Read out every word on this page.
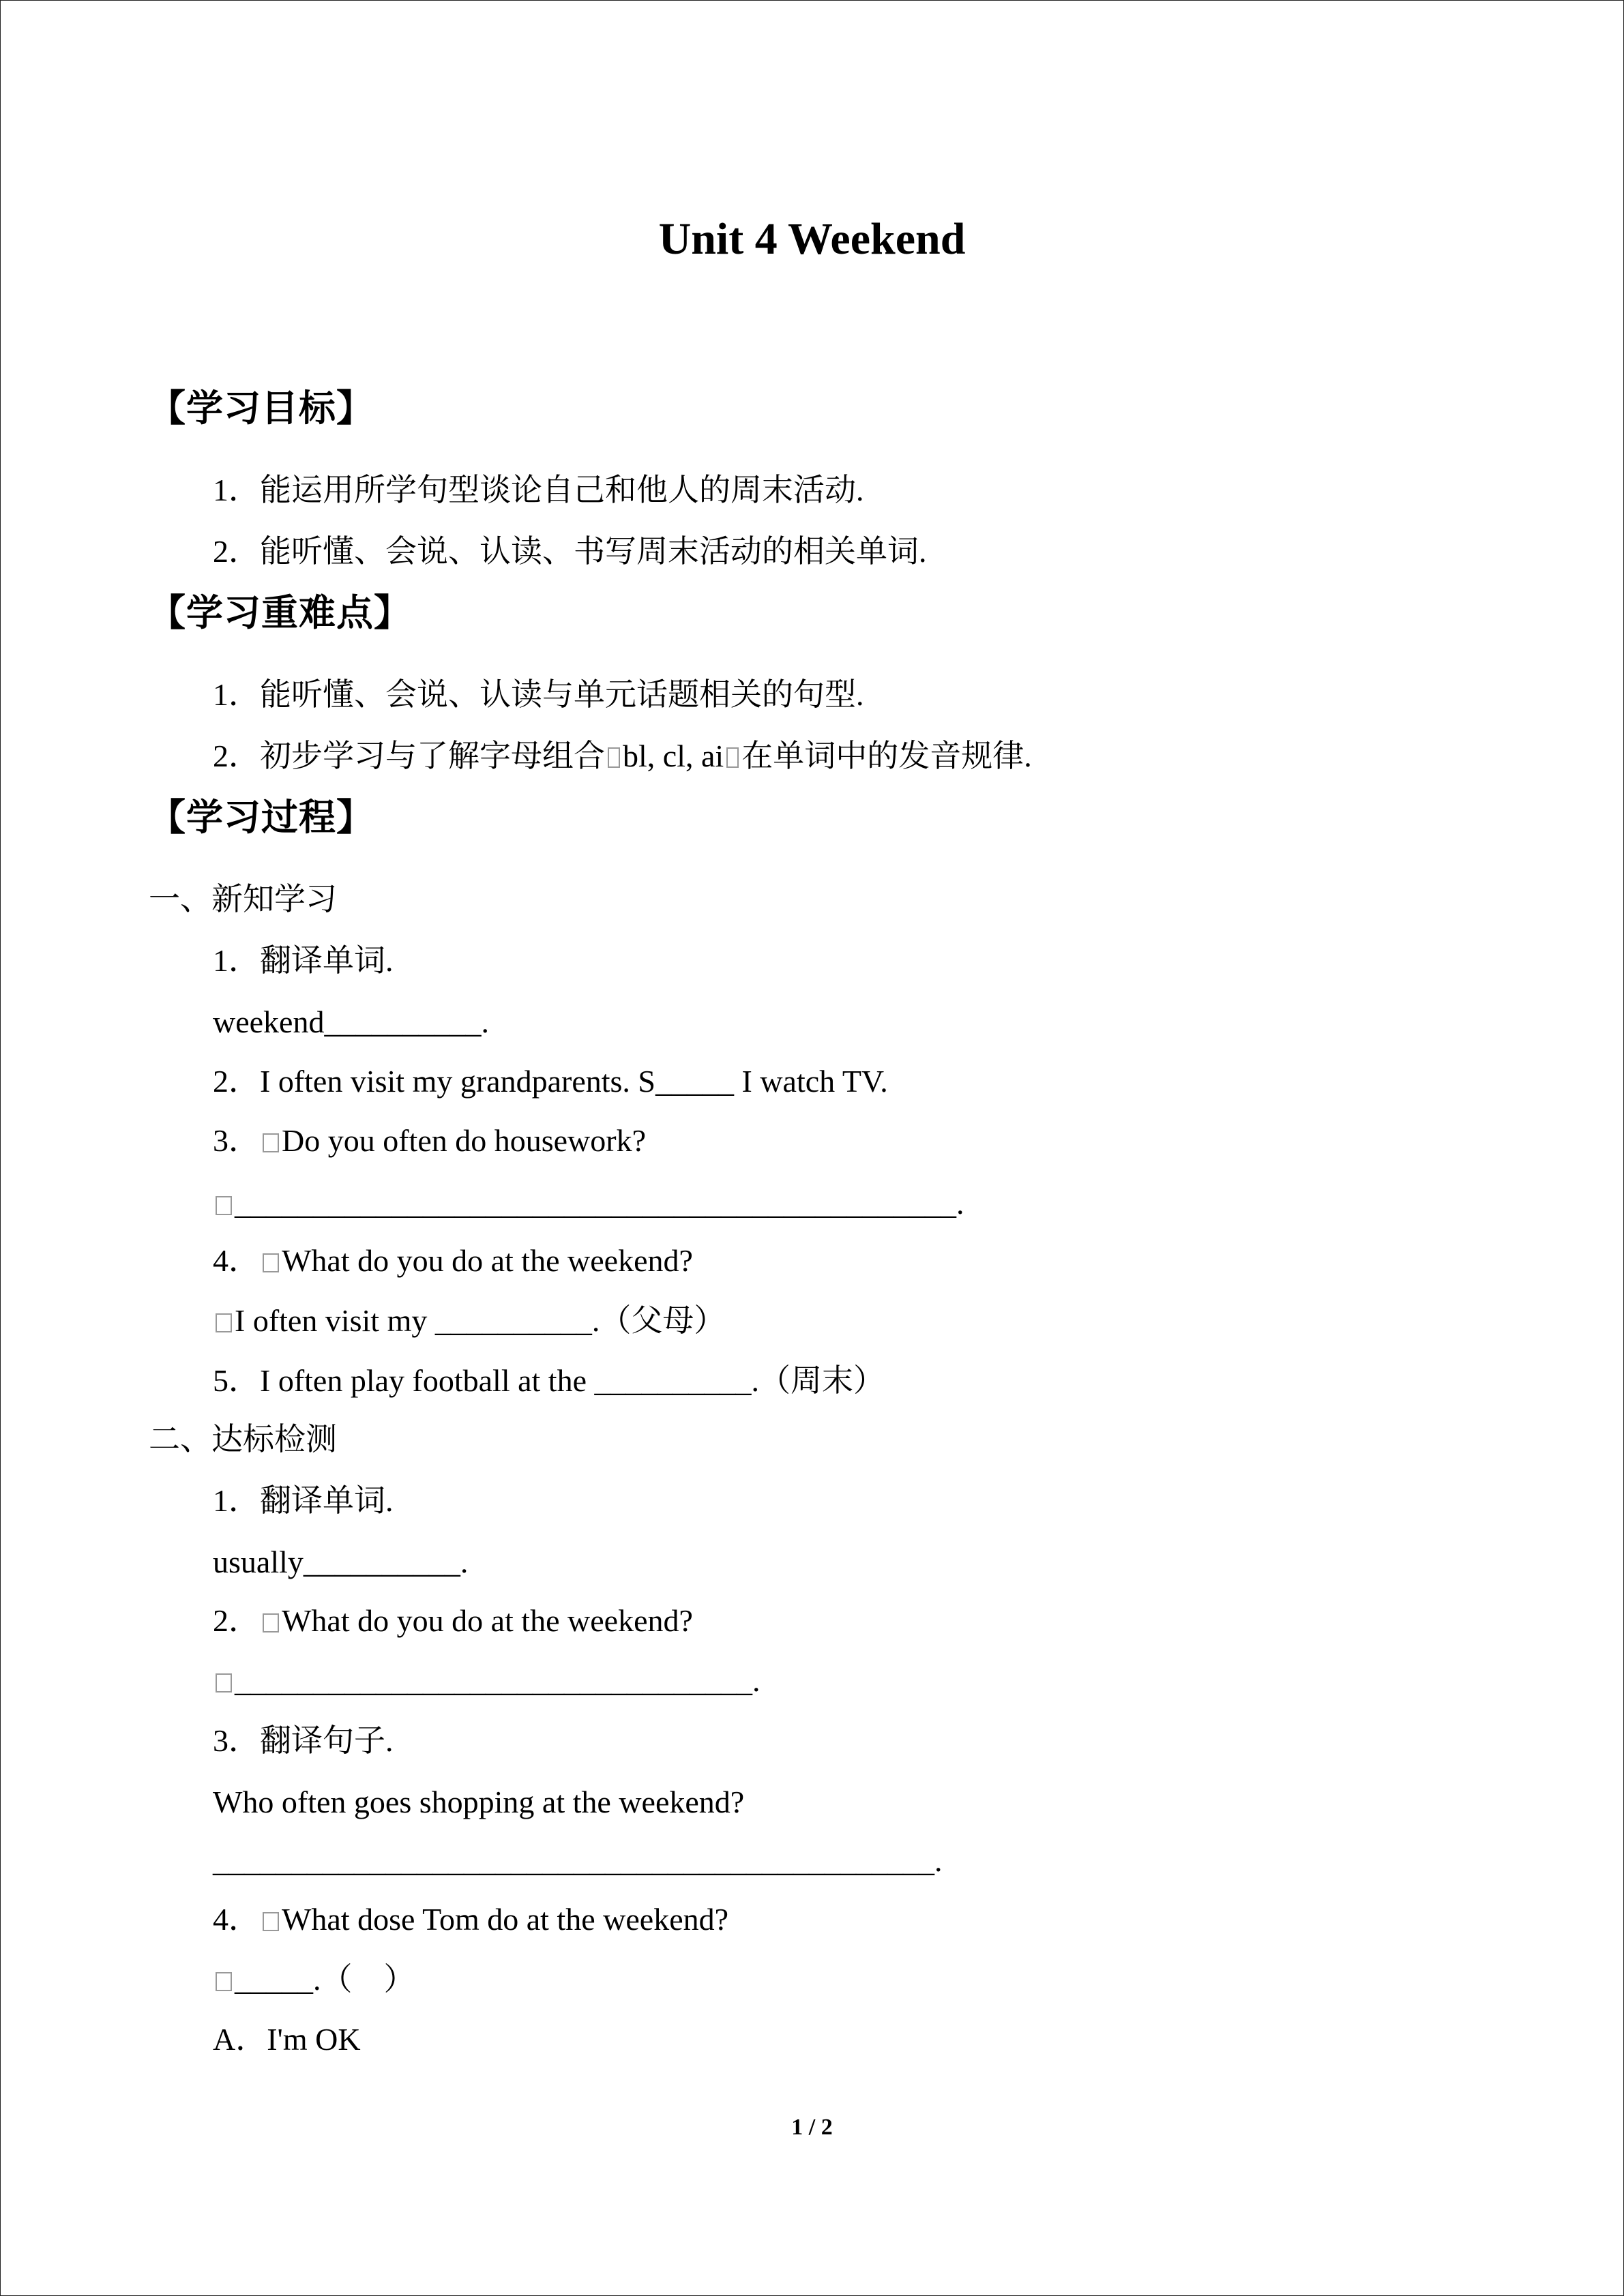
Unit 4 Weekend
【学习目标】
1．能运用所学句型谈论自己和他人的周末活动.
2．能听懂、会说、认读、书写周末活动的相关单词.
【学习重难点】
1．能听懂、会说、认读与单元话题相关的句型.
2．初步学习与了解字母组合 bl, cl, ai 在单词中的发音规律.
【学习过程】
一、新知学习
1．翻译单词.
weekend__________.
2．I often visit my grandparents. S_____ I watch TV.
3． Do you often do housework?
______________________________________________.
4． What do you do at the weekend?
I often visit my __________.（父母）
5．I often play football at the __________.（周末）
二、达标检测
1．翻译单词.
usually__________.
2． What do you do at the weekend?
_________________________________.
3．翻译句子.
Who often goes shopping at the weekend?
______________________________________________.
4． What dose Tom do at the weekend?
_____.（　）
A．I'm OK
1 / 2
